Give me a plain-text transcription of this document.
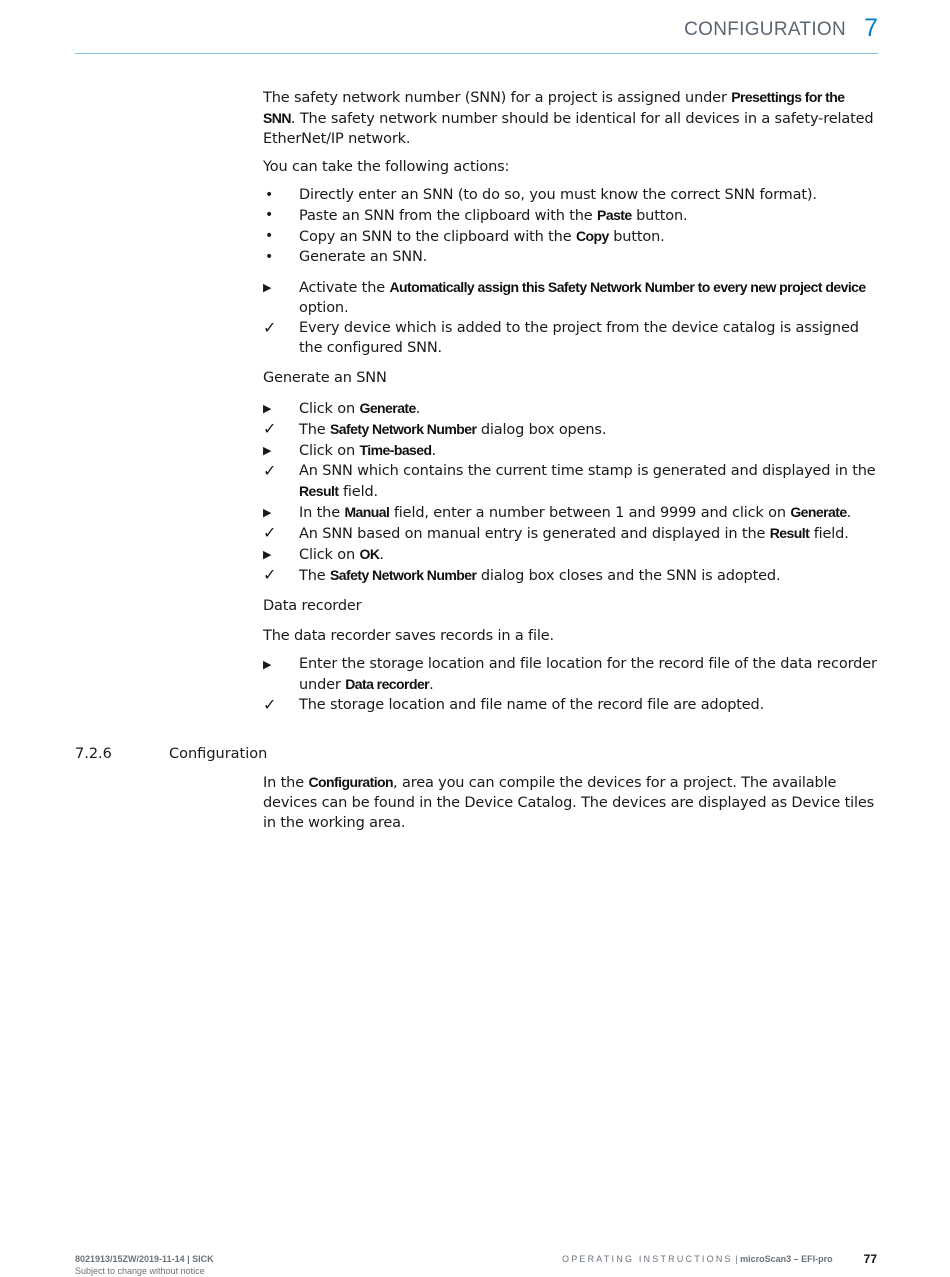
CONFIGURATION 7

The safety network number (SNN) for a project is assigned under Presettings for the SNN. The safety network number should be identical for all devices in a safety-related EtherNet/IP network.

You can take the following actions:

•	Directly enter an SNN (to do so, you must know the correct SNN format).
•	Paste an SNN from the clipboard with the Paste button.
•	Copy an SNN to the clipboard with the Copy button.
•	Generate an SNN.
▶	Activate the Automatically assign this Safety Network Number to every new project device option.
✓	Every device which is added to the project from the device catalog is assigned the configured SNN.

Generate an SNN

▶	Click on Generate.
✓	The Safety Network Number dialog box opens.
▶	Click on Time-based.
✓	An SNN which contains the current time stamp is generated and displayed in the Result field.
▶	In the Manual field, enter a number between 1 and 9999 and click on Generate.
✓	An SNN based on manual entry is generated and displayed in the Result field.
▶	Click on OK.
✓	The Safety Network Number dialog box closes and the SNN is adopted.

Data recorder

The data recorder saves records in a file.

▶	Enter the storage location and file location for the record file of the data recorder under Data recorder.
✓	The storage location and file name of the record file are adopted.
7.2.6	Configuration

In the Configuration, area you can compile the devices for a project. The available devices can be found in the Device Catalog. The devices are displayed as Device tiles in the working area.

8021913/15ZW/2019-11-14 | SICK
Subject to change without notice
OPERATING INSTRUCTIONS | microScan3 – EFI-pro	77
